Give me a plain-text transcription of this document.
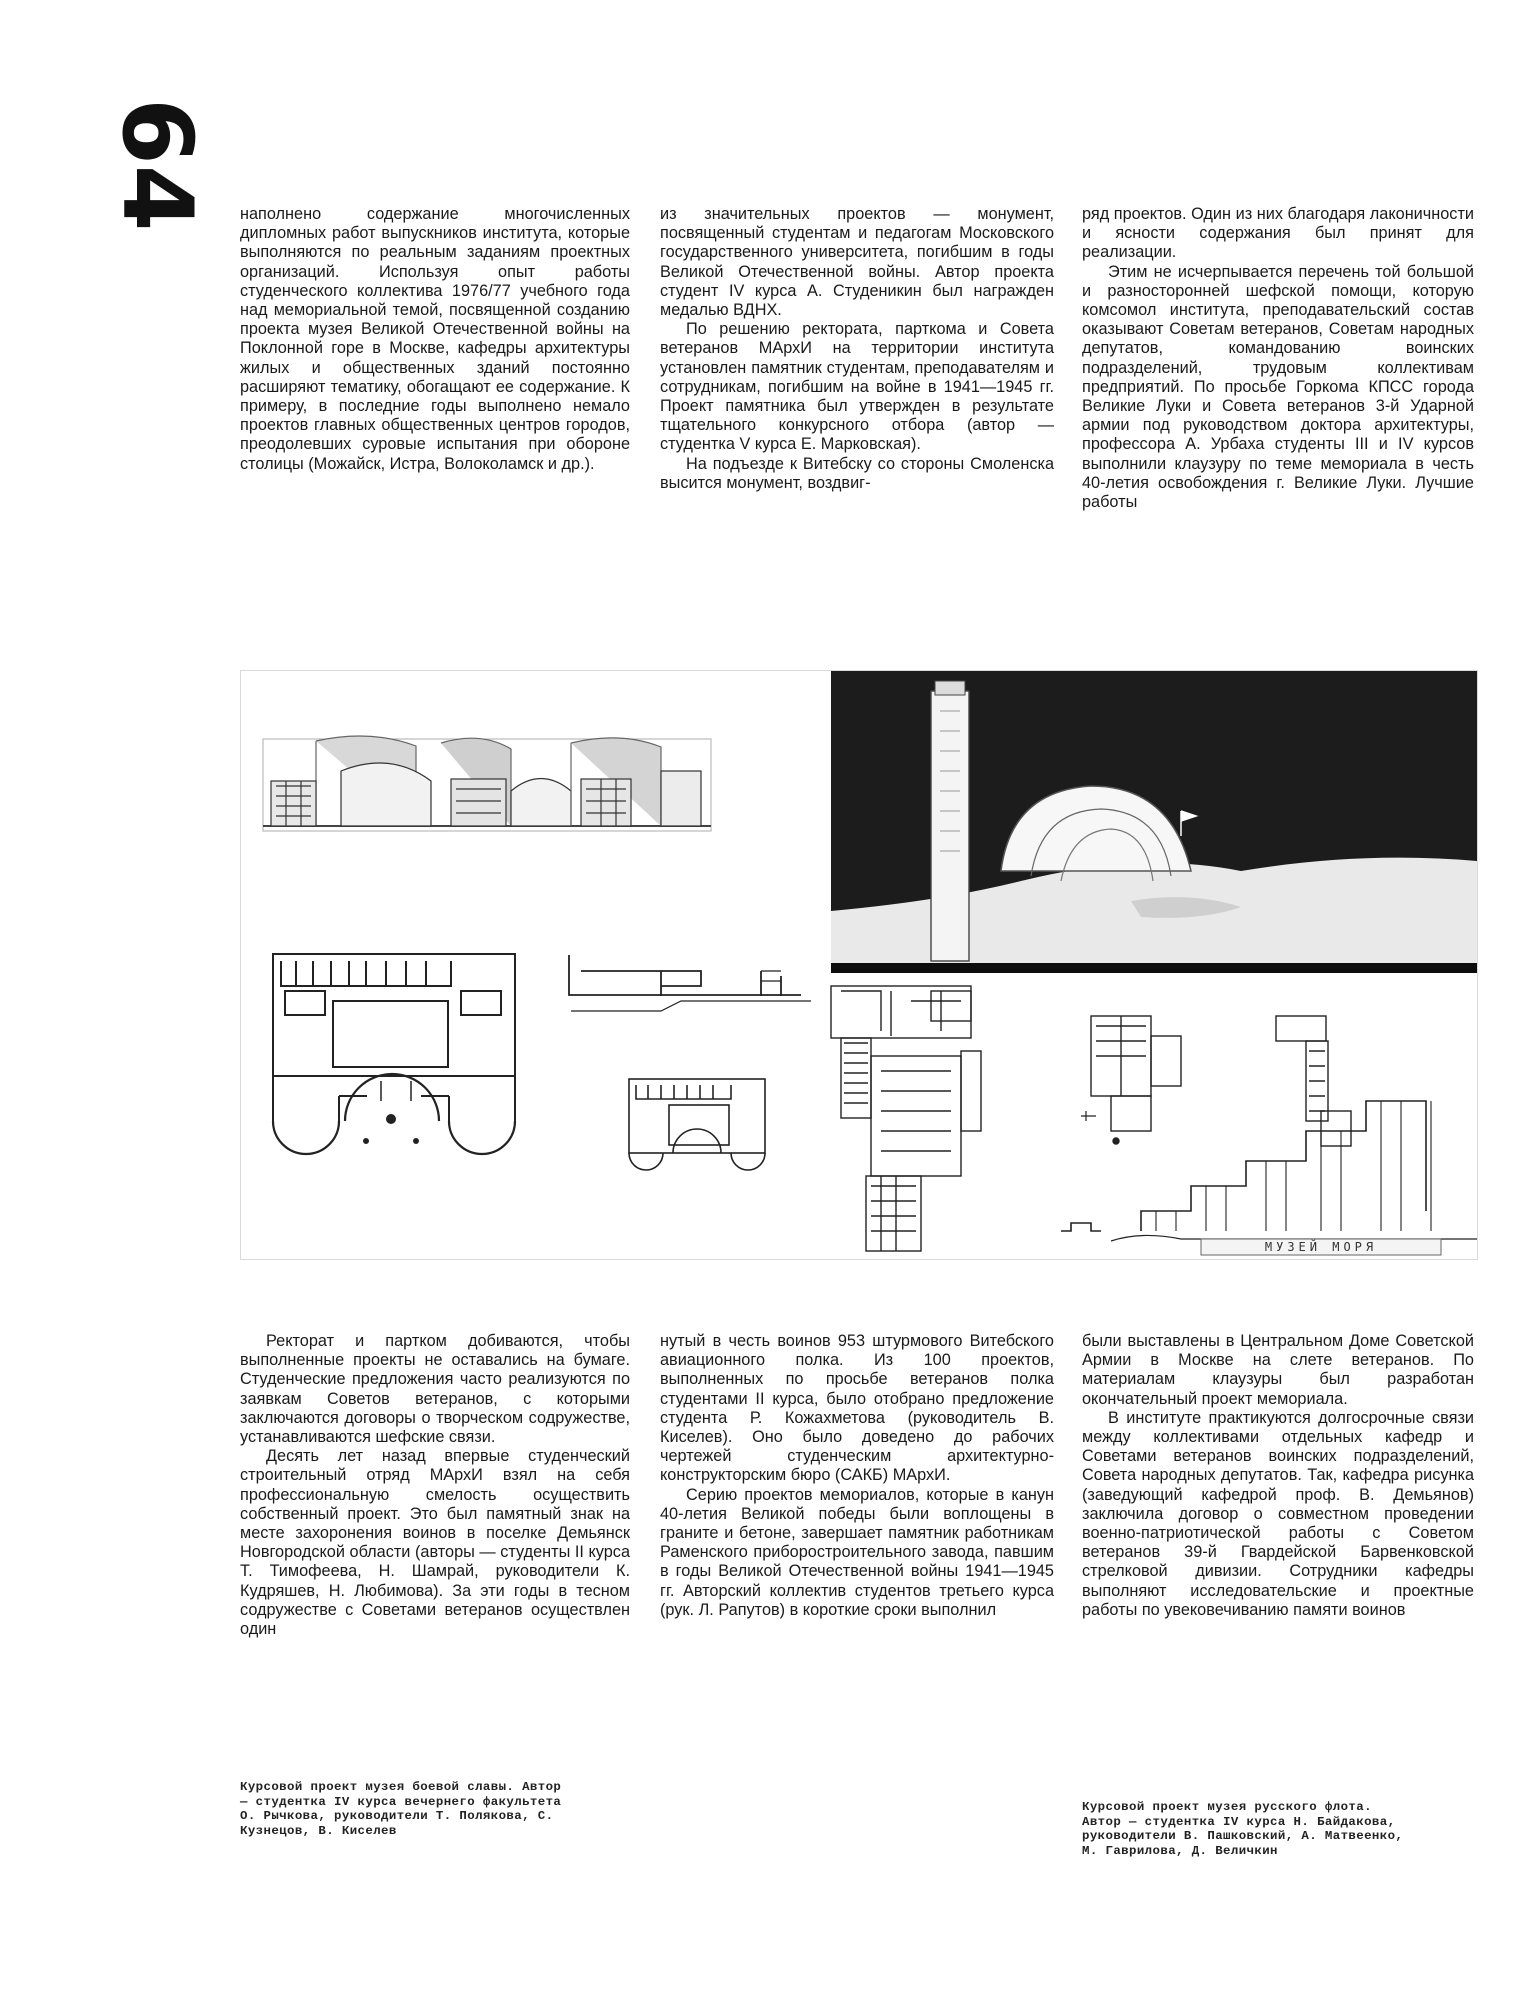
64 наполнено содержание многочисленных дипломных работ выпускников института, которые выполняются по реальным заданиям проектных организаций. Используя опыт работы студенческого коллектива 1976/77 учебного года над мемориальной темой, посвященной созданию проекта музея Великой Отечественной войны на Поклонной горе в Москве, кафедры архитектуры жилых и общественных зданий постоянно расширяют тематику, обогащают ее содержание. К примеру, в последние годы выполнено немало проектов главных общественных центров городов, преодолевших суровые испытания при обороне столицы (Можайск, Истра, Волоколамск и др.).

из значительных проектов — монумент, посвященный студентам и педагогам Московского государственного университета, погибшим в годы Великой Отечественной войны. Автор проекта студент IV курса А. Студеникин был награжден медалью ВДНХ.

По решению ректората, парткома и Совета ветеранов МАрхИ на территории института установлен памятник студентам, преподавателям и сотрудникам, погибшим на войне в 1941—1945 гг. Проект памятника был утвержден в результате тщательного конкурсного отбора (автор — студентка V курса Е. Марковская).

На подъезде к Витебску со стороны Смоленска высится монумент, воздвиг-

ряд проектов. Один из них благодаря лаконичности и ясности содержания был принят для реализации.

Этим не исчерпывается перечень той большой и разносторонней шефской помощи, которую комсомол института, преподавательский состав оказывают Советам ветеранов, Советам народных депутатов, командованию воинских подразделений, трудовым коллективам предприятий. По просьбе Горкома КПСС города Великие Луки и Совета ветеранов 3-й Ударной армии под руководством доктора архитектуры, профессора А. Урбаха студенты III и IV курсов выполнили клаузуру по теме мемориала в честь 40-летия освобождения г. Великие Луки. Лучшие работы

МУЗЕЙ МОРЯ

Ректорат и партком добиваются, чтобы выполненные проекты не оставались на бумаге. Студенческие предложения часто реализуются по заявкам Советов ветеранов, с которыми заключаются договоры о творческом содружестве, устанавливаются шефские связи.

Десять лет назад впервые студенческий строительный отряд МАрхИ взял на себя профессиональную смелость осуществить собственный проект. Это был памятный знак на месте захоронения воинов в поселке Демьянск Новгородской области (авторы — студенты II курса Т. Тимофеева, Н. Шамрай, руководители К. Кудряшев, Н. Любимова). За эти годы в тесном содружестве с Советами ветеранов осуществлен один

нутый в честь воинов 953 штурмового Витебского авиационного полка. Из 100 проектов, выполненных по просьбе ветеранов полка студентами II курса, было отобрано предложение студента Р. Кожахметова (руководитель В. Киселев). Оно было доведено до рабочих чертежей студенческим архитектурно-конструкторским бюро (САКБ) МАрхИ.

Серию проектов мемориалов, которые в канун 40-летия Великой победы были воплощены в граните и бетоне, завершает памятник работникам Раменского приборостроительного завода, павшим в годы Великой Отечественной войны 1941—1945 гг. Авторский коллектив студентов третьего курса (рук. Л. Рапутов) в короткие сроки выполнил

были выставлены в Центральном Доме Советской Армии в Москве на слете ветеранов. По материалам клаузуры был разработан окончательный проект мемориала.

В институте практикуются долгосрочные связи между коллективами отдельных кафедр и Советами ветеранов воинских подразделений, Совета народных депутатов. Так, кафедра рисунка (заведующий кафедрой проф. В. Демьянов) заключила договор о совместном проведении военно-патриотической работы с Советом ветеранов 39-й Гвардейской Барвенковской стрелковой дивизии. Сотрудники кафедры выполняют исследовательские и проектные работы по увековечиванию памяти воинов

Курсовой проект музея боевой славы. Автор — студентка IV курса вечернего факультета О. Рычкова, руководители Т. Полякова, С. Кузнецов, В. Киселев
Курсовой проект музея русского флота. Автор — студентка IV курса Н. Байдакова, руководители В. Пашковский, А. Матвеенко, М. Гаврилова, Д. Величкин
